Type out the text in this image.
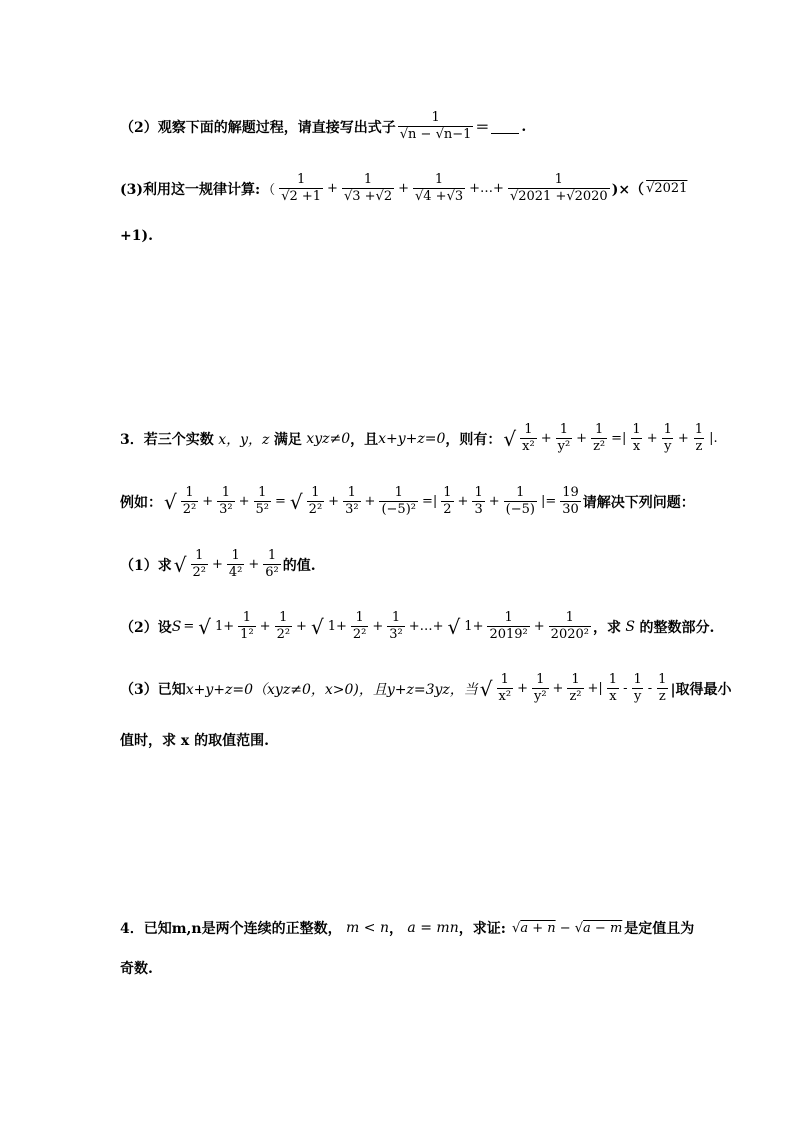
（2）观察下面的解题过程，请直接写出式子 $\frac{1}{√n - √n-1}$ ＝ .
(3)利用这一规律计算: （ $\frac{1}{√2 +1} + \frac{1}{√3 +√2} + \frac{1}{√4 +√3}$ +…+ $\frac{1}{√2021 +√2020}$ )×（ √2021
+1).
3．若三个实数 x，y，z 满足 xyz≠0 ，且 x+y+z=0 ，则有： √ $\frac{1}{\text{x²}} + \frac{1}{\text{y²}} + \frac{1}{\text{z²}}$ =| $\frac{1}{x} + \frac{1}{y} + \frac{1}{z}$ |.
例如： √ $\frac{1}{\text{2²}} + \frac{1}{\text{3²}} + \frac{1}{\text{5²}}$ = √ $\frac{1}{\text{2²}} + \frac{1}{\text{3²}} + \frac{1}{\text{(−5)²}}$ =| $\frac{1}{2} + \frac{1}{3} + \frac{1}{(-5)}$ |= $\frac{19}{30}$ 请解决下列问题：
（1）求 √ $\frac{1}{\text{2²}} + \frac{1}{\text{4²}} + \frac{1}{\text{6²}}$ 的值.
（2）设 S = √ $1+ \frac{1}{\text{1²}} + \frac{1}{\text{2²}}$ + √ $1+ \frac{1}{\text{2²}} + \frac{1}{\text{3²}}$ +…+ √ $1+ \frac{1}{\text{2019²}} + \frac{1}{\text{2020²}}$ ，求 S 的整数部分.
（3）已知 x+y+z=0（xyz≠0，x>0)，且y+z=3yz，当 √ $\frac{1}{\text{x²}} + \frac{1}{\text{y²}} + \frac{1}{\text{z²}}$ +| $\frac{1}{x} - \frac{1}{y} - \frac{1}{z}$ |取得最小
值时，求 x 的取值范围.
4．已知m,n是两个连续的正整数， m < n ， a = mn ，求证: √a + n − √a − m 是定值且为
奇数.
